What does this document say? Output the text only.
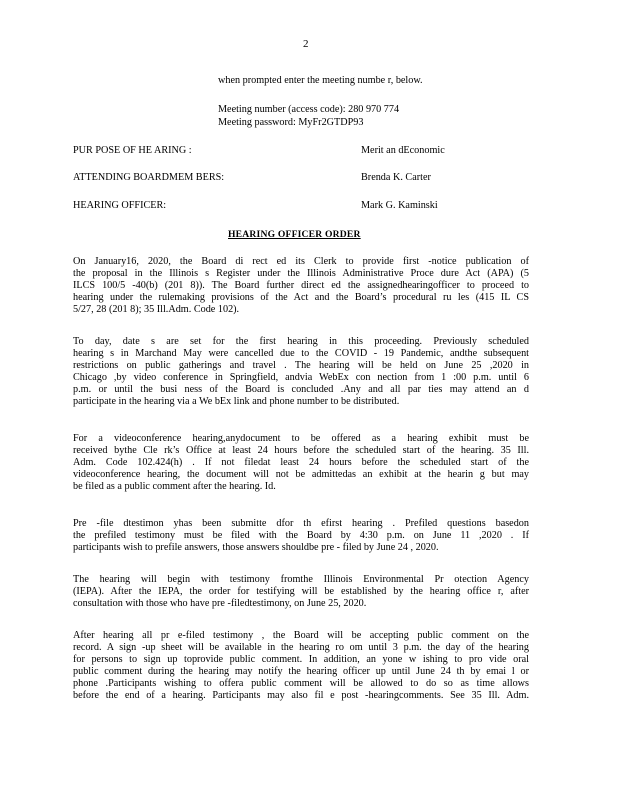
2
when prompted enter the meeting numbe r, below.
Meeting number (access code): 280 970 774
Meeting password: MyFr2GTDP93
PUR POSE OF HE ARING :	Merit an dEconomic
ATTENDING BOARDMEM BERS:	Brenda K. Carter
HEARING OFFICER:	Mark G. Kaminski
HEARING OFFICER ORDER
On January16, 2020, the Board di rect ed its Clerk to provide first -notice publication of
the proposal in the Illinois s Register under the Illinois Administrative Proce dure Act (APA) (5
ILCS 100/5 -40(b) (201 8)). The Board further direct ed the assignedhearingofficer to proceed to
hearing under the rulemaking provisions of the Act and the Board’s procedural ru les (415 IL CS
5/27, 28 (201 8); 35 Ill.Adm. Code 102).
To day, date s are set for the first hearing in this proceeding. Previously scheduled
hearing s in Marchand May were cancelled due to the COVID - 19 Pandemic, andthe subsequent
restrictions on public gatherings and travel . The hearing will be held on June 25 ,2020 in
Chicago ,by video conference in Springfield, andvia WebEx con nection from 1 :00 p.m. until 6
p.m. or until the busi ness of the Board is concluded .Any and all par ties may attend an d
participate in the hearing via a We bEx link and phone number to be distributed.
For a videoconference hearing,anydocument to be offered as a hearing exhibit must be
received bythe Cle rk’s Office at least 24 hours before the scheduled start of the hearing. 35 Ill.
Adm. Code 102.424(h) . If not filedat least 24 hours before the scheduled start of the
videoconference hearing, the document will not be admittedas an exhibit at the hearin g but may
be filed as a public comment after the hearing. Id.
Pre -file dtestimon yhas been submitte dfor th efirst hearing . Prefiled questions basedon
the prefiled testimony must be filed with the Board by 4:30 p.m. on June 11 ,2020 . If
participants wish to prefile answers, those answers shouldbe pre - filed by June 24 , 2020.
The hearing will begin with testimony fromthe Illinois Environmental Pr otection Agency
(IEPA). After the IEPA, the order for testifying will be established by the hearing office r, after
consultation with those who have pre -filedtestimony, on June 25, 2020.
After hearing all pr e-filed testimony , the Board will be accepting public comment on the
record. A sign -up sheet will be available in the hearing ro om until 3 p.m. the day of the hearing
for persons to sign up toprovide public comment. In addition, an yone w ishing to pro vide oral
public comment during the hearing may notify the hearing officer up until June 24 th by emai l or
phone .Participants wishing to offera public comment will be allowed to do so as time allows
before the end of a hearing. Participants may also fil e post -hearingcomments. See 35 Ill. Adm.
